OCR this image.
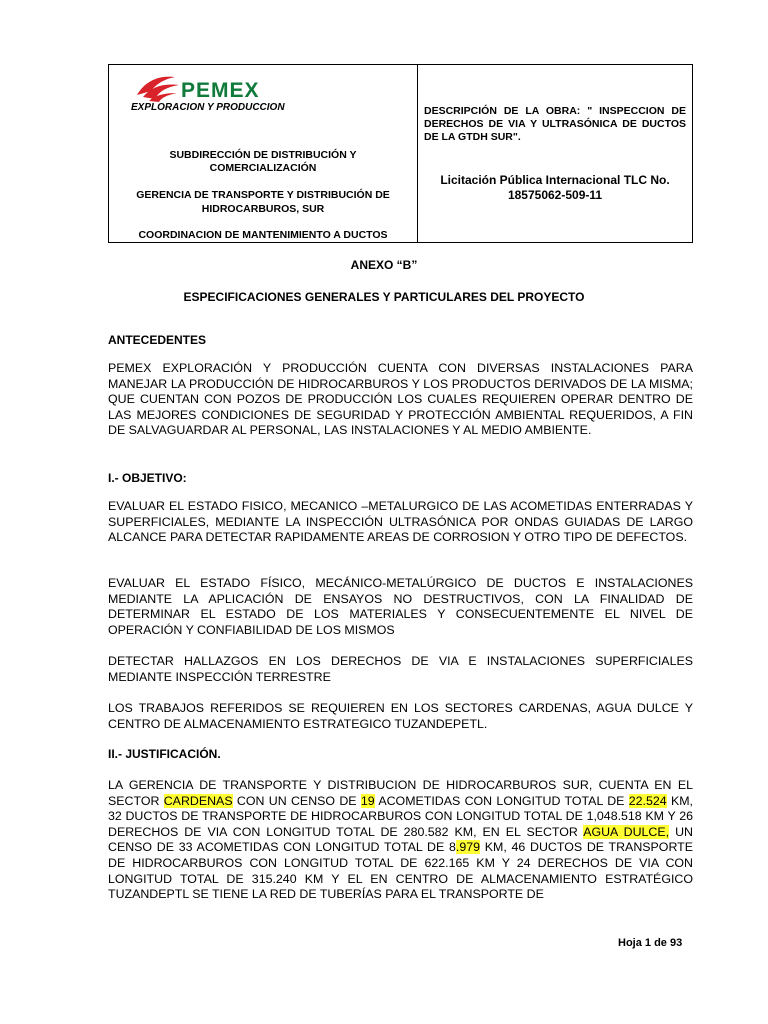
PEMEX
EXPLORACION Y PRODUCCION
SUBDIRECCIÓN DE DISTRIBUCIÓN Y
COMERCIALIZACIÓN
GERENCIA DE TRANSPORTE Y DISTRIBUCIÓN DE
HIDROCARBUROS, SUR
COORDINACION DE MANTENIMIENTO A DUCTOS
DESCRIPCIÓN DE LA OBRA: " INSPECCION DE DERECHOS DE VIA Y ULTRASÓNICA DE DUCTOS DE LA GTDH SUR".
Licitación Pública Internacional TLC No.
18575062-509-11
ANEXO “B”
ESPECIFICACIONES GENERALES Y PARTICULARES DEL PROYECTO
ANTECEDENTES
PEMEX EXPLORACIÓN Y PRODUCCIÓN CUENTA CON DIVERSAS INSTALACIONES PARA MANEJAR LA PRODUCCIÓN DE HIDROCARBUROS Y LOS PRODUCTOS DERIVADOS DE LA MISMA; QUE CUENTAN CON POZOS DE PRODUCCIÓN LOS CUALES REQUIEREN OPERAR DENTRO DE LAS MEJORES CONDICIONES DE SEGURIDAD Y PROTECCIÓN AMBIENTAL REQUERIDOS, A FIN DE SALVAGUARDAR AL PERSONAL, LAS INSTALACIONES Y AL MEDIO AMBIENTE.
I.- OBJETIVO:
EVALUAR EL ESTADO FISICO, MECANICO –METALURGICO DE LAS ACOMETIDAS ENTERRADAS Y SUPERFICIALES, MEDIANTE LA INSPECCIÓN ULTRASÓNICA POR ONDAS GUIADAS DE LARGO ALCANCE PARA DETECTAR RAPIDAMENTE AREAS DE CORROSION Y OTRO TIPO DE DEFECTOS.
EVALUAR EL ESTADO FÍSICO, MECÁNICO-METALÚRGICO DE DUCTOS E INSTALACIONES MEDIANTE LA APLICACIÓN DE ENSAYOS NO DESTRUCTIVOS, CON LA FINALIDAD DE DETERMINAR EL ESTADO DE LOS MATERIALES Y CONSECUENTEMENTE EL NIVEL DE OPERACIÓN Y CONFIABILIDAD DE LOS MISMOS
DETECTAR HALLAZGOS EN LOS DERECHOS DE VIA E INSTALACIONES SUPERFICIALES MEDIANTE INSPECCIÓN TERRESTRE
LOS TRABAJOS REFERIDOS SE REQUIEREN EN LOS SECTORES CARDENAS, AGUA DULCE Y CENTRO DE ALMACENAMIENTO ESTRATEGICO TUZANDEPETL.
II.- JUSTIFICACIÓN.
LA GERENCIA DE TRANSPORTE Y DISTRIBUCION DE HIDROCARBUROS SUR, CUENTA EN EL SECTOR CARDENAS CON UN CENSO DE 19 ACOMETIDAS CON LONGITUD TOTAL DE 22.524 KM, 32 DUCTOS DE TRANSPORTE DE HIDROCARBUROS CON LONGITUD TOTAL DE 1,048.518 KM Y 26 DERECHOS DE VIA CON LONGITUD TOTAL DE 280.582 KM, EN EL SECTOR AGUA DULCE, UN CENSO DE 33 ACOMETIDAS CON LONGITUD TOTAL DE 8.979 KM, 46 DUCTOS DE TRANSPORTE DE HIDROCARBUROS CON LONGITUD TOTAL DE 622.165 KM Y 24 DERECHOS DE VIA CON LONGITUD TOTAL DE 315.240 KM Y EL EN CENTRO DE ALMACENAMIENTO ESTRATÉGICO TUZANDEPTL SE TIENE LA RED DE TUBERÍAS PARA EL TRANSPORTE DE
Hoja 1 de 93
